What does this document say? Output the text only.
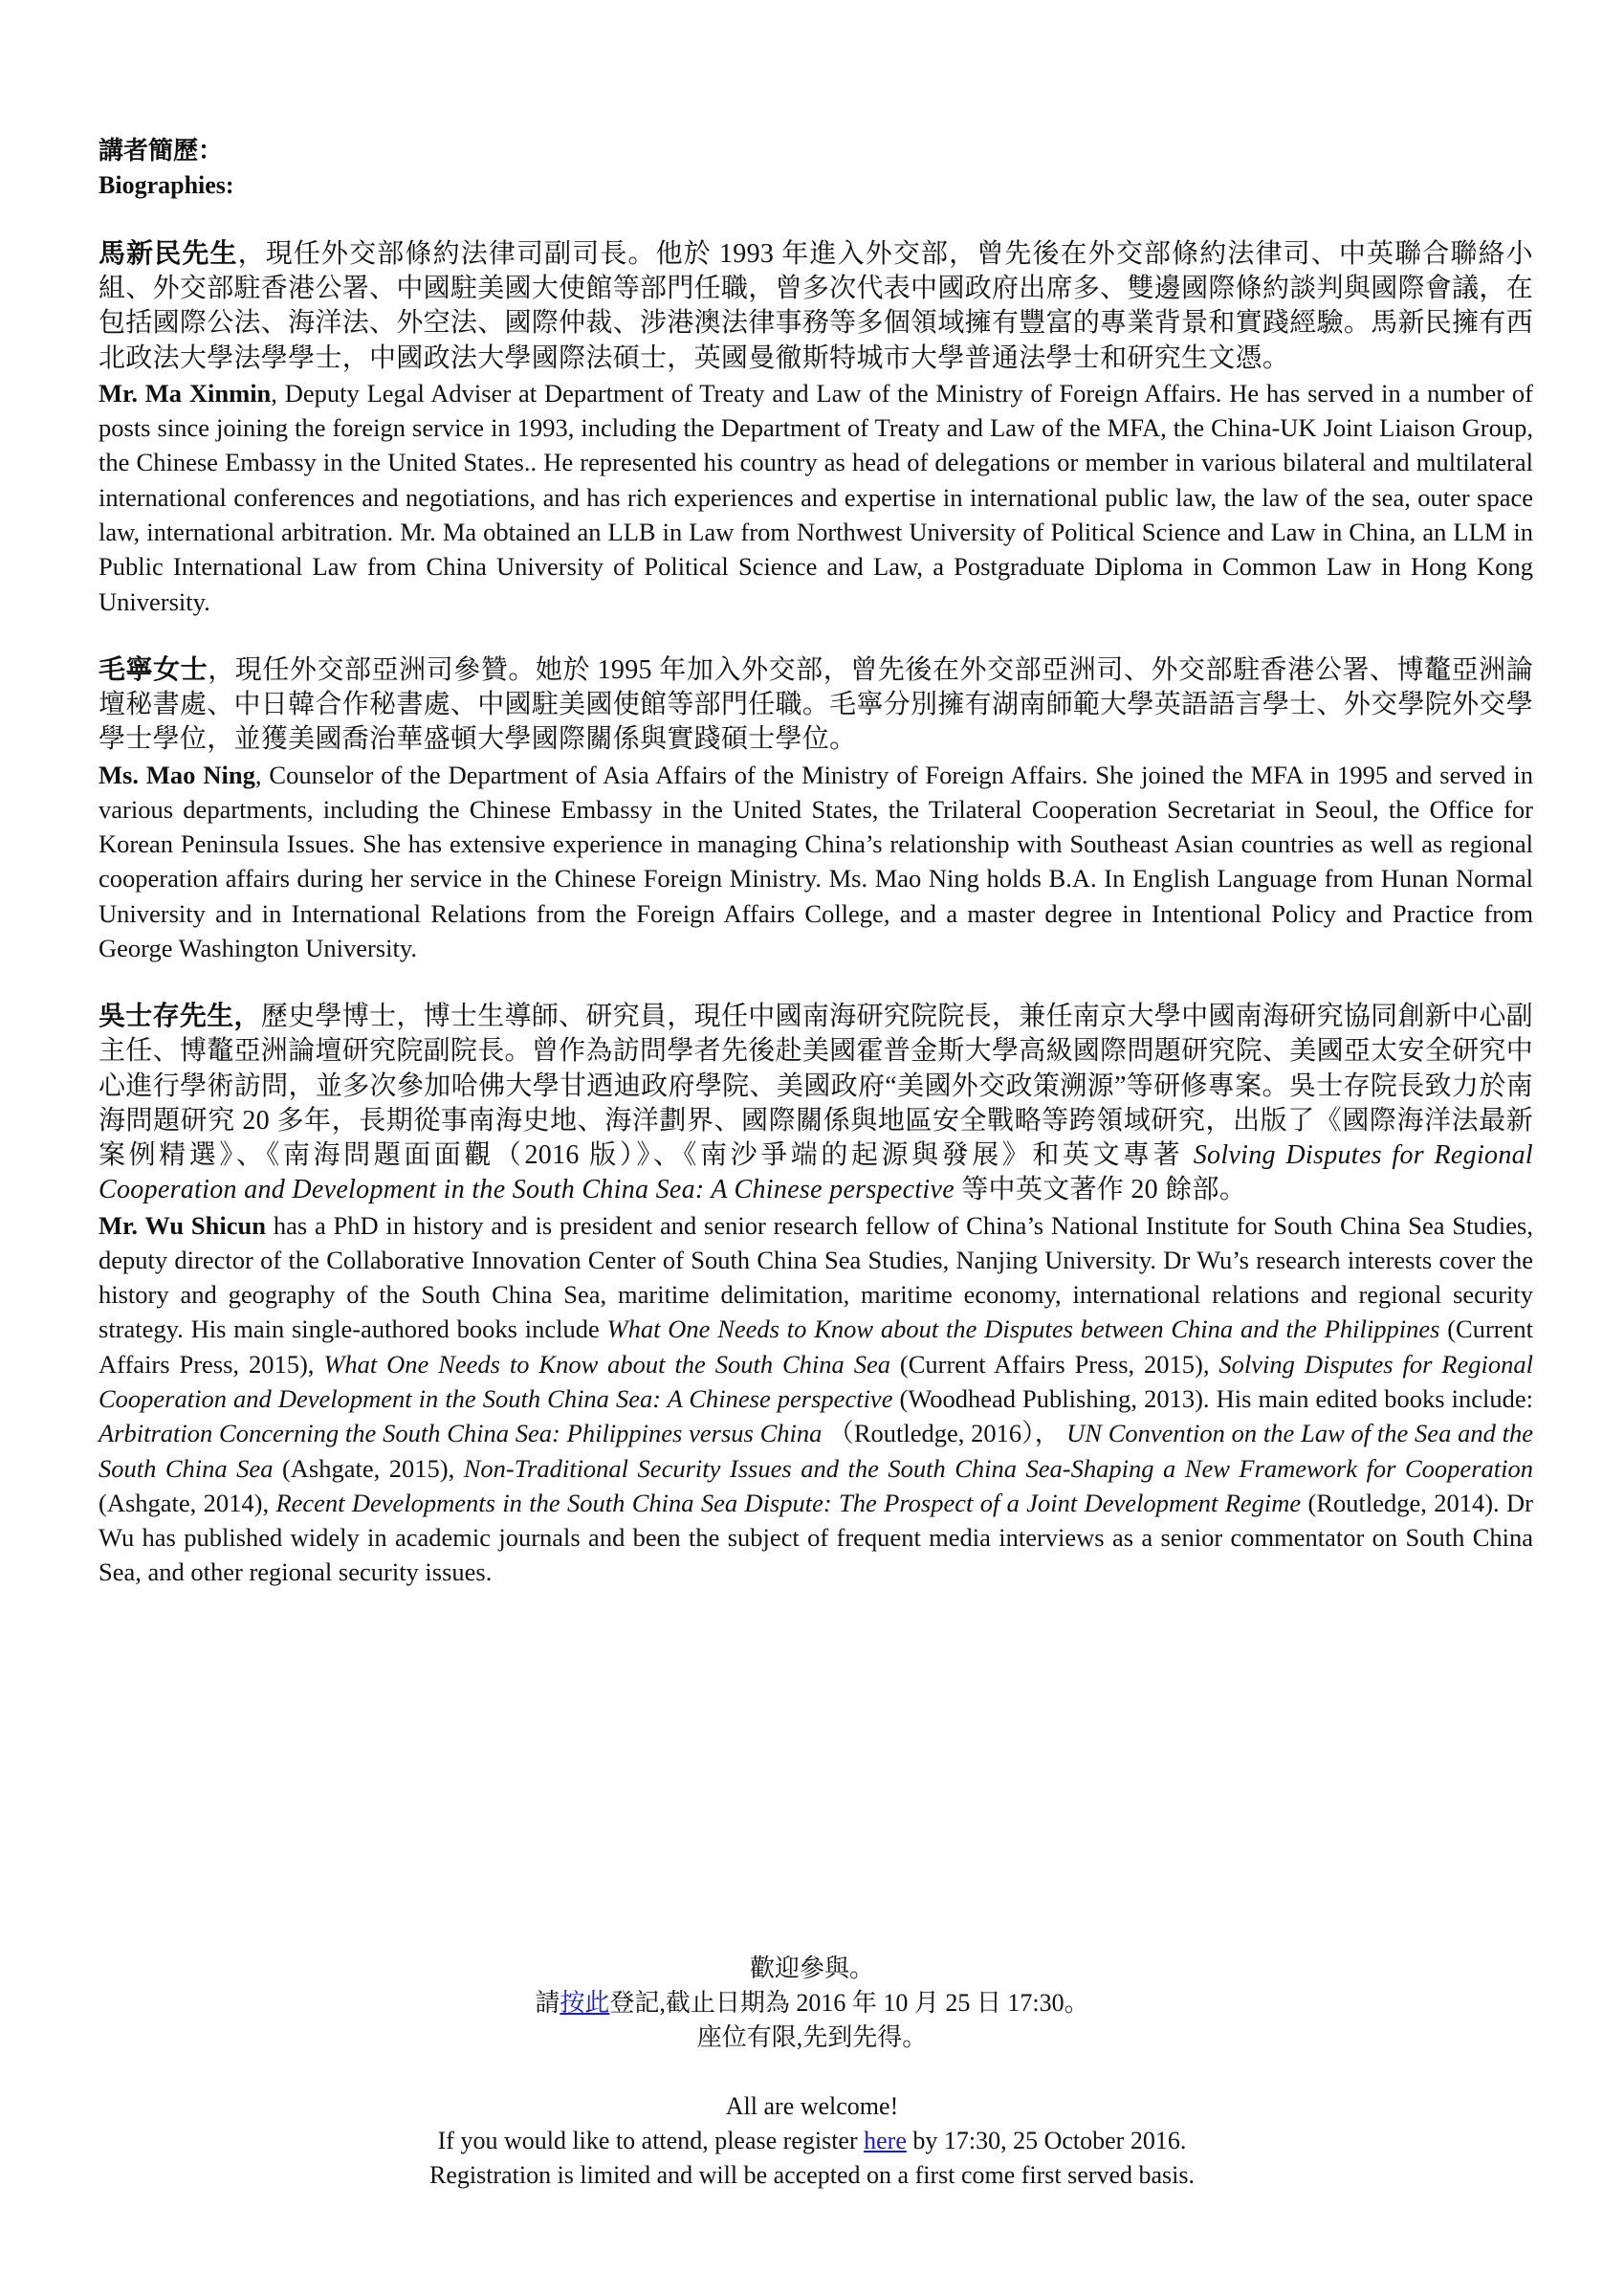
講者簡歷：
Biographies:
馬新民先生，現任外交部條約法律司副司長。他於 1993 年進入外交部，曾先後在外交部條約法律司、中英聯合聯絡小組、外交部駐香港公署、中國駐美國大使館等部門任職，曾多次代表中國政府出席多、雙邊國際條約談判與國際會議，在包括國際公法、海洋法、外空法、國際仲裁、涉港澳法律事務等多個領域擁有豐富的專業背景和實踐經驗。馬新民擁有西北政法大學法學學士，中國政法大學國際法碩士，英國曼徹斯特城市大學普通法學士和研究生文憑。
Mr. Ma Xinmin, Deputy Legal Adviser at Department of Treaty and Law of the Ministry of Foreign Affairs. He has served in a number of posts since joining the foreign service in 1993, including the Department of Treaty and Law of the MFA, the China-UK Joint Liaison Group, the Chinese Embassy in the United States.. He represented his country as head of delegations or member in various bilateral and multilateral international conferences and negotiations, and has rich experiences and expertise in international public law, the law of the sea, outer space law, international arbitration. Mr. Ma obtained an LLB in Law from Northwest University of Political Science and Law in China, an LLM in Public International Law from China University of Political Science and Law, a Postgraduate Diploma in Common Law in Hong Kong University.
毛寧女士，現任外交部亞洲司參贊。她於 1995 年加入外交部，曾先後在外交部亞洲司、外交部駐香港公署、博鼇亞洲論壇秘書處、中日韓合作秘書處、中國駐美國使館等部門任職。毛寧分別擁有湖南師範大學英語語言學士、外交學院外交學學士學位，並獲美國喬治華盛頓大學國際關係與實踐碩士學位。
Ms. Mao Ning, Counselor of the Department of Asia Affairs of the Ministry of Foreign Affairs. She joined the MFA in 1995 and served in various departments, including the Chinese Embassy in the United States, the Trilateral Cooperation Secretariat in Seoul, the Office for Korean Peninsula Issues. She has extensive experience in managing China’s relationship with Southeast Asian countries as well as regional cooperation affairs during her service in the Chinese Foreign Ministry. Ms. Mao Ning holds B.A. In English Language from Hunan Normal University and in International Relations from the Foreign Affairs College, and a master degree in Intentional Policy and Practice from George Washington University.
吳士存先生，歷史學博士，博士生導師、研究員，現任中國南海研究院院長，兼任南京大學中國南海研究協同創新中心副主任、博鼇亞洲論壇研究院副院長。曾作為訪問學者先後赴美國霍普金斯大學高級國際問題研究院、美國亞太安全研究中心進行學術訪問，並多次參加哈佛大學甘迺迪政府學院、美國政府“美國外交政策溯源”等研修專案。吳士存院長致力於南海問題研究 20 多年，長期從事南海史地、海洋劃界、國際關係與地區安全戰略等跨領域研究，出版了《國際海洋法最新案例精選》、《南海問題面面觀（2016 版）》、《南沙爭端的起源與發展》和英文專著 Solving Disputes for Regional Cooperation and Development in the South China Sea: A Chinese perspective 等中英文著作 20 餘部。
Mr. Wu Shicun has a PhD in history and is president and senior research fellow of China’s National Institute for South China Sea Studies, deputy director of the Collaborative Innovation Center of South China Sea Studies, Nanjing University. Dr Wu’s research interests cover the history and geography of the South China Sea, maritime delimitation, maritime economy, international relations and regional security strategy. His main single-authored books include What One Needs to Know about the Disputes between China and the Philippines (Current Affairs Press, 2015), What One Needs to Know about the South China Sea (Current Affairs Press, 2015), Solving Disputes for Regional Cooperation and Development in the South China Sea: A Chinese perspective (Woodhead Publishing, 2013). His main edited books include: Arbitration Concerning the South China Sea: Philippines versus China （Routledge, 2016）， UN Convention on the Law of the Sea and the South China Sea (Ashgate, 2015), Non-Traditional Security Issues and the South China Sea-Shaping a New Framework for Cooperation (Ashgate, 2014), Recent Developments in the South China Sea Dispute: The Prospect of a Joint Development Regime (Routledge, 2014). Dr Wu has published widely in academic journals and been the subject of frequent media interviews as a senior commentator on South China Sea, and other regional security issues.
歡迎參與。
請按此登記,截止日期為 2016 年 10 月 25 日 17:30。
座位有限,先到先得。
All are welcome!
If you would like to attend, please register here by 17:30, 25 October 2016.
Registration is limited and will be accepted on a first come first served basis.
